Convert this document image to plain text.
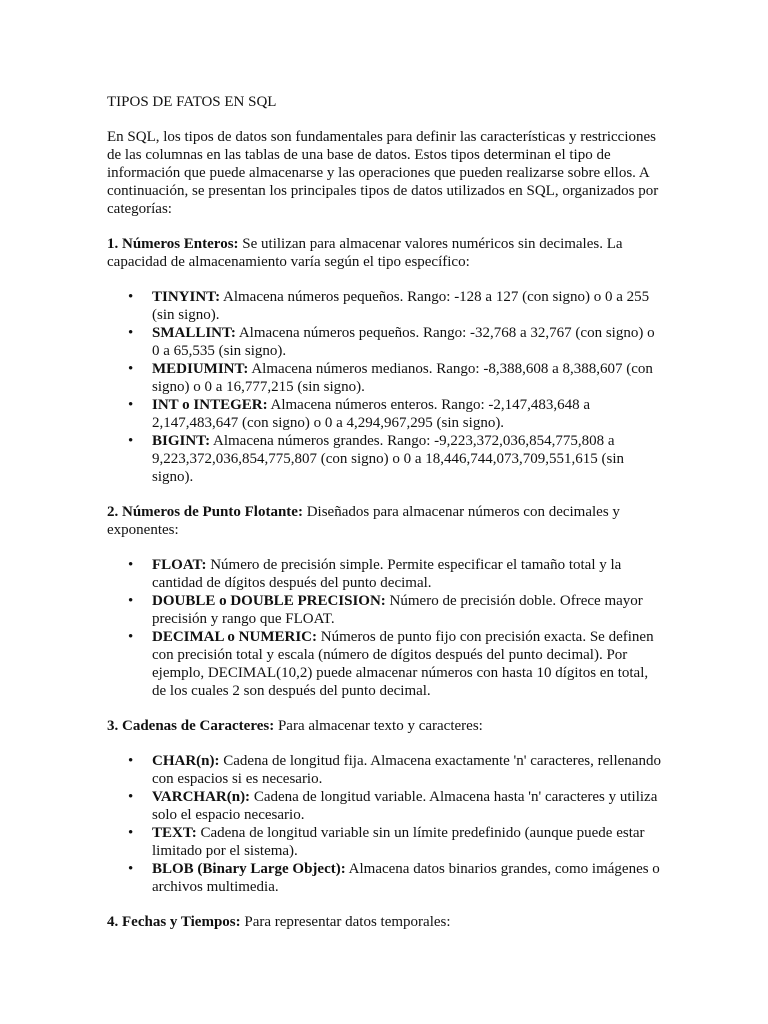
TIPOS DE FATOS EN SQL

En SQL, los tipos de datos son fundamentales para definir las características y restricciones de las columnas en las tablas de una base de datos. Estos tipos determinan el tipo de información que puede almacenarse y las operaciones que pueden realizarse sobre ellos. A continuación, se presentan los principales tipos de datos utilizados en SQL, organizados por categorías:

1. Números Enteros: Se utilizan para almacenar valores numéricos sin decimales. La capacidad de almacenamiento varía según el tipo específico:

• TINYINT: Almacena números pequeños. Rango: -128 a 127 (con signo) o 0 a 255 (sin signo).
• SMALLINT: Almacena números pequeños. Rango: -32,768 a 32,767 (con signo) o 0 a 65,535 (sin signo).
• MEDIUMINT: Almacena números medianos. Rango: -8,388,608 a 8,388,607 (con signo) o 0 a 16,777,215 (sin signo).
• INT o INTEGER: Almacena números enteros. Rango: -2,147,483,648 a 2,147,483,647 (con signo) o 0 a 4,294,967,295 (sin signo).
• BIGINT: Almacena números grandes. Rango: -9,223,372,036,854,775,808 a 9,223,372,036,854,775,807 (con signo) o 0 a 18,446,744,073,709,551,615 (sin signo).

2. Números de Punto Flotante: Diseñados para almacenar números con decimales y exponentes:

• FLOAT: Número de precisión simple. Permite especificar el tamaño total y la cantidad de dígitos después del punto decimal.
• DOUBLE o DOUBLE PRECISION: Número de precisión doble. Ofrece mayor precisión y rango que FLOAT.
• DECIMAL o NUMERIC: Números de punto fijo con precisión exacta. Se definen con precisión total y escala (número de dígitos después del punto decimal). Por ejemplo, DECIMAL(10,2) puede almacenar números con hasta 10 dígitos en total, de los cuales 2 son después del punto decimal.

3. Cadenas de Caracteres: Para almacenar texto y caracteres:

• CHAR(n): Cadena de longitud fija. Almacena exactamente 'n' caracteres, rellenando con espacios si es necesario.
• VARCHAR(n): Cadena de longitud variable. Almacena hasta 'n' caracteres y utiliza solo el espacio necesario.
• TEXT: Cadena de longitud variable sin un límite predefinido (aunque puede estar limitado por el sistema).
• BLOB (Binary Large Object): Almacena datos binarios grandes, como imágenes o archivos multimedia.

4. Fechas y Tiempos: Para representar datos temporales:
